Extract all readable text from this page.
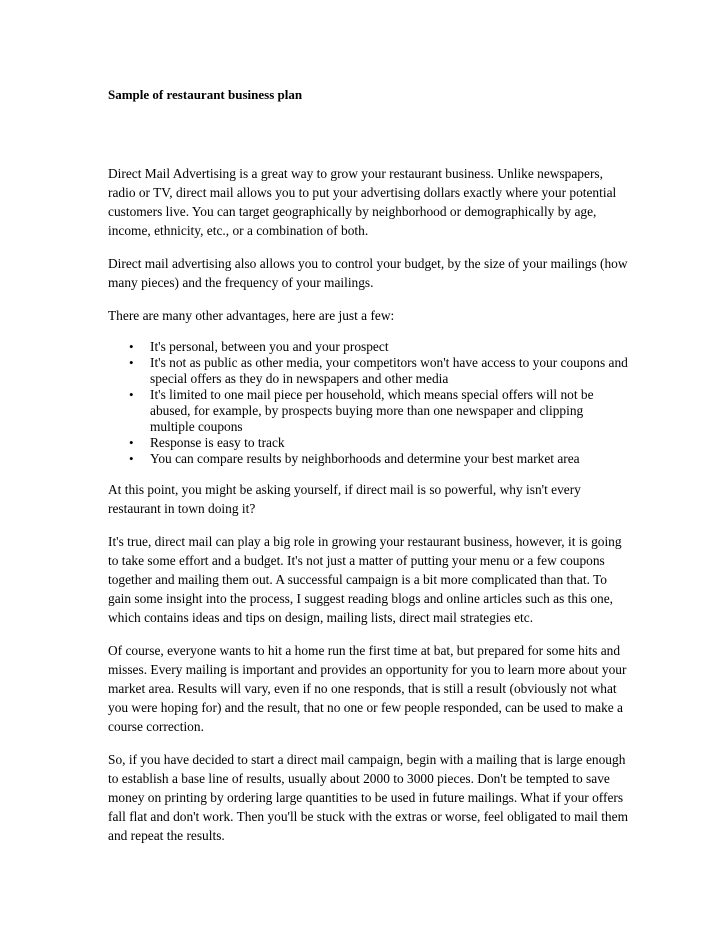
Sample of restaurant business plan

Direct Mail Advertising is a great way to grow your restaurant business. Unlike newspapers, radio or TV, direct mail allows you to put your advertising dollars exactly where your potential customers live. You can target geographically by neighborhood or demographically by age, income, ethnicity, etc., or a combination of both.

Direct mail advertising also allows you to control your budget, by the size of your mailings (how many pieces) and the frequency of your mailings.

There are many other advantages, here are just a few:

• It's personal, between you and your prospect
• It's not as public as other media, your competitors won't have access to your coupons and special offers as they do in newspapers and other media
• It's limited to one mail piece per household, which means special offers will not be abused, for example, by prospects buying more than one newspaper and clipping multiple coupons
• Response is easy to track
• You can compare results by neighborhoods and determine your best market area

At this point, you might be asking yourself, if direct mail is so powerful, why isn't every restaurant in town doing it?

It's true, direct mail can play a big role in growing your restaurant business, however, it is going to take some effort and a budget. It's not just a matter of putting your menu or a few coupons together and mailing them out. A successful campaign is a bit more complicated than that. To gain some insight into the process, I suggest reading blogs and online articles such as this one, which contains ideas and tips on design, mailing lists, direct mail strategies etc.

Of course, everyone wants to hit a home run the first time at bat, but prepared for some hits and misses. Every mailing is important and provides an opportunity for you to learn more about your market area. Results will vary, even if no one responds, that is still a result (obviously not what you were hoping for) and the result, that no one or few people responded, can be used to make a course correction.

So, if you have decided to start a direct mail campaign, begin with a mailing that is large enough to establish a base line of results, usually about 2000 to 3000 pieces. Don't be tempted to save money on printing by ordering large quantities to be used in future mailings. What if your offers fall flat and don't work. Then you'll be stuck with the extras or worse, feel obligated to mail them and repeat the results.
